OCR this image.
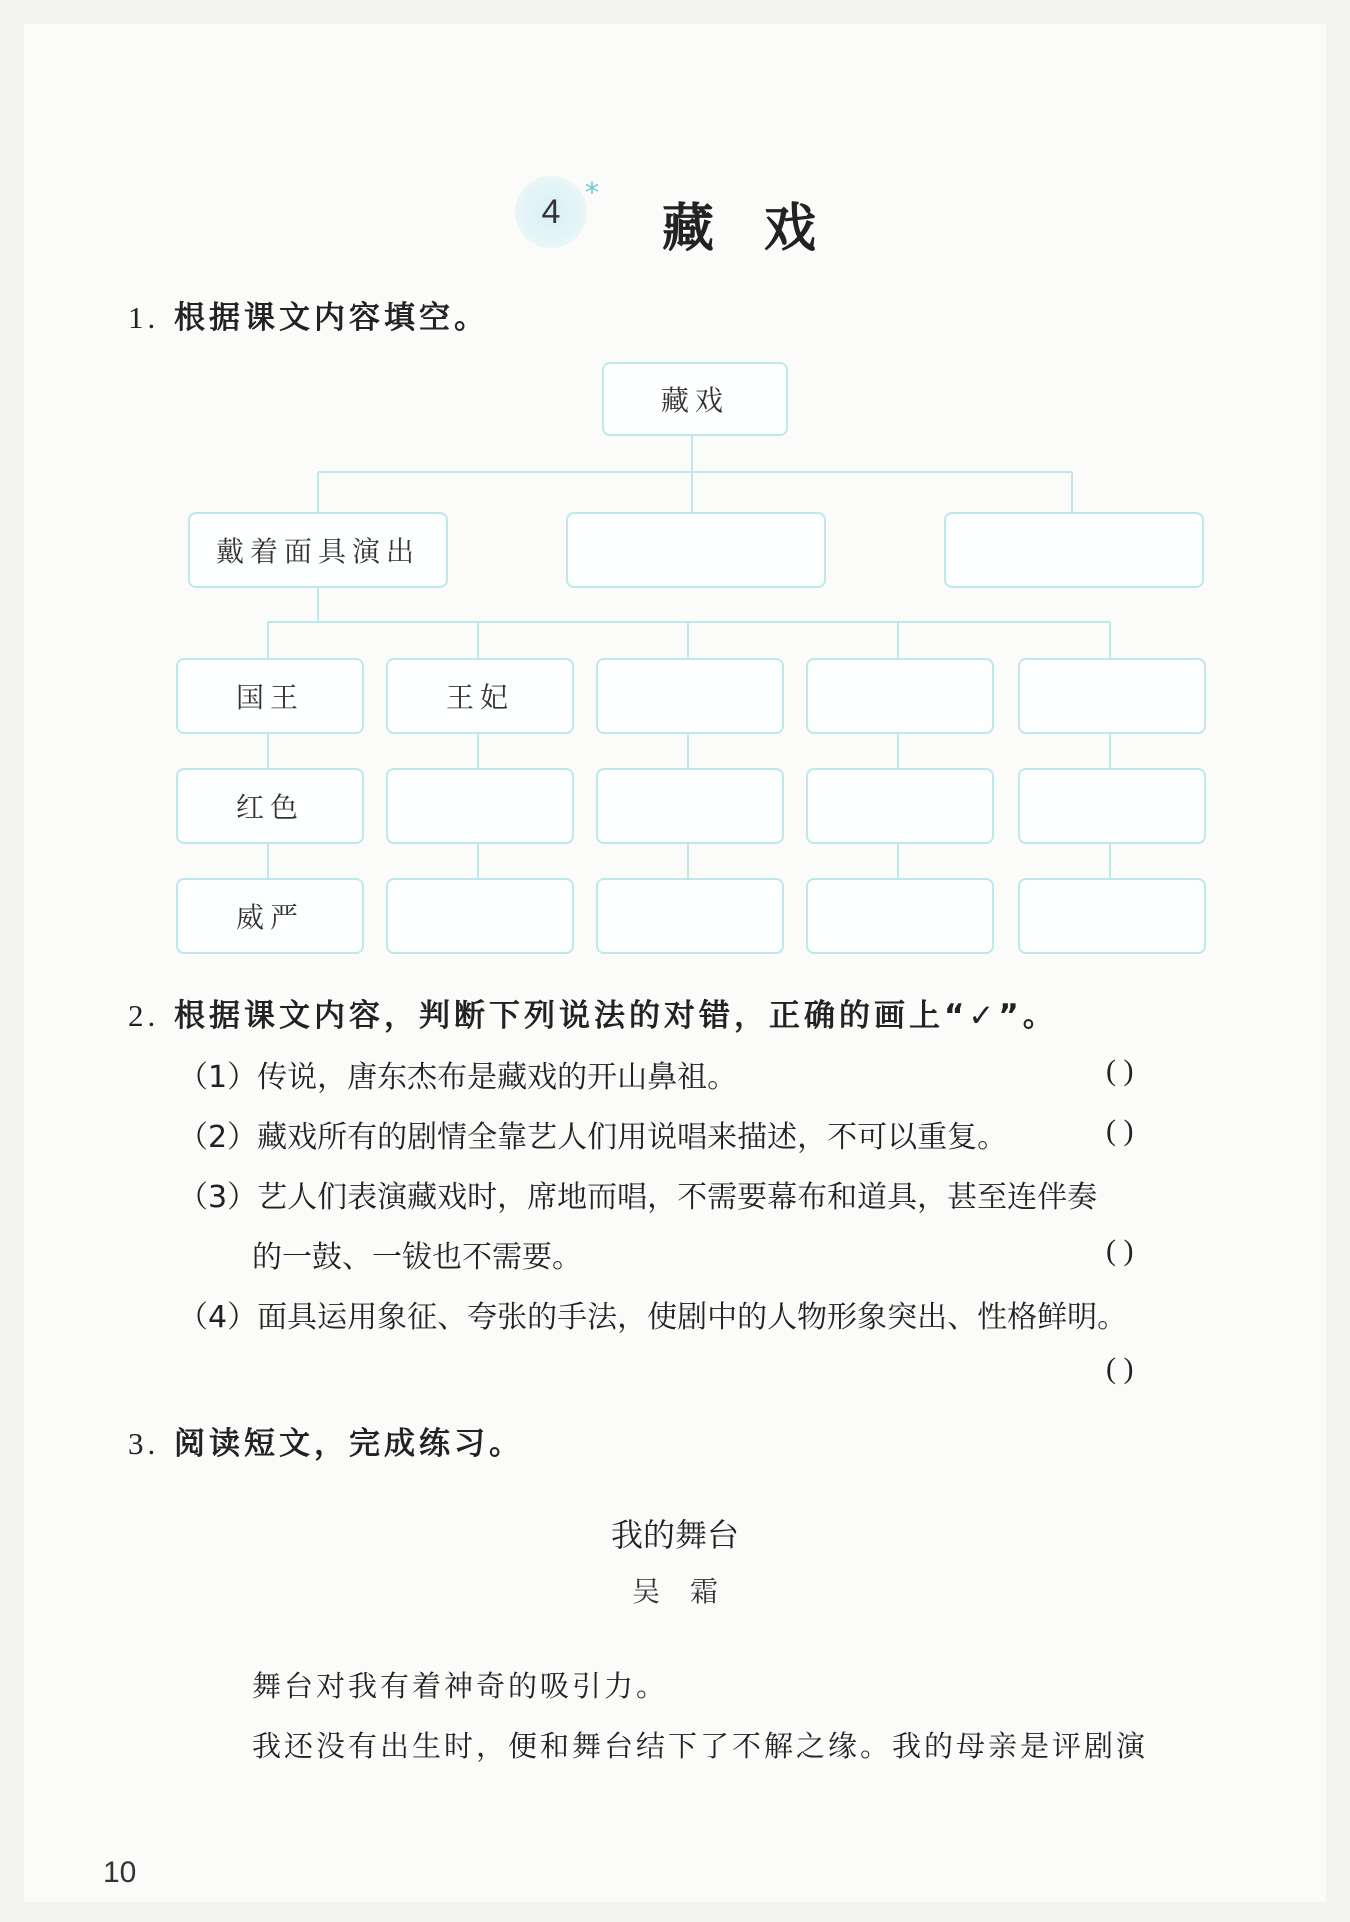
4 *
藏戏
1. 根据课文内容填空。
藏戏
戴着面具演出
国王	王妃
红色
威严
2. 根据课文内容，判断下列说法的对错，正确的画上“✓”。
（1）传说，唐东杰布是藏戏的开山鼻祖。	( )
（2）藏戏所有的剧情全靠艺人们用说唱来描述，不可以重复。	( )
（3）艺人们表演藏戏时，席地而唱，不需要幕布和道具，甚至连伴奏
的一鼓、一钹也不需要。	( )
（4）面具运用象征、夸张的手法，使剧中的人物形象突出、性格鲜明。
( )
3. 阅读短文，完成练习。
我的舞台
吴霜
舞台对我有着神奇的吸引力。
我还没有出生时，便和舞台结下了不解之缘。我的母亲是评剧演
10
